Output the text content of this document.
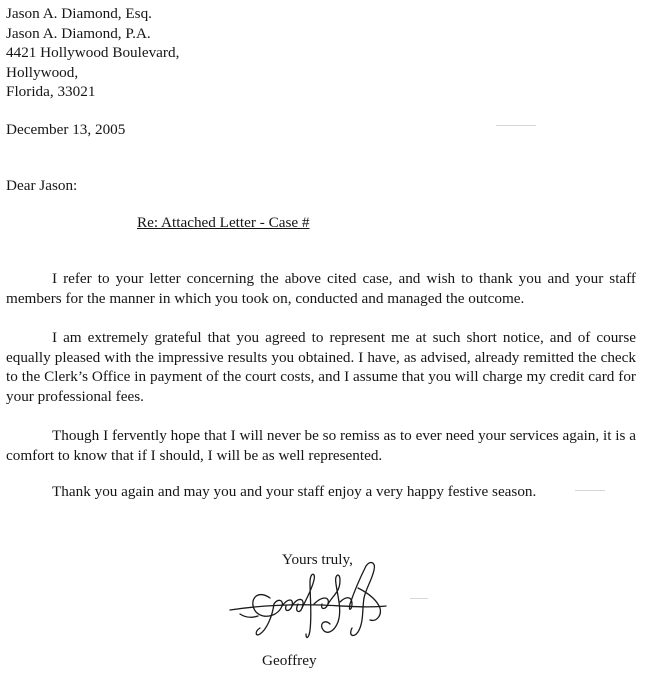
Jason A. Diamond, Esq.
Jason A. Diamond, P.A.
4421 Hollywood Boulevard,
Hollywood,
Florida, 33021
December 13, 2005
Dear Jason:
Re: Attached Letter - Case #
I refer to your letter concerning the above cited case, and wish to thank you and your staff members for the manner in which you took on, conducted and managed the outcome.
I am extremely grateful that you agreed to represent me at such short notice, and of course equally pleased with the impressive results you obtained. I have, as advised, already remitted the check to the Clerk’s Office in payment of the court costs, and I assume that you will charge my credit card for your professional fees.
Though I fervently hope that I will never be so remiss as to ever need your services again, it is a comfort to know that if I should, I will be as well represented.
Thank you again and may you and your staff enjoy a very happy festive season.
Yours truly,
Geoffrey
